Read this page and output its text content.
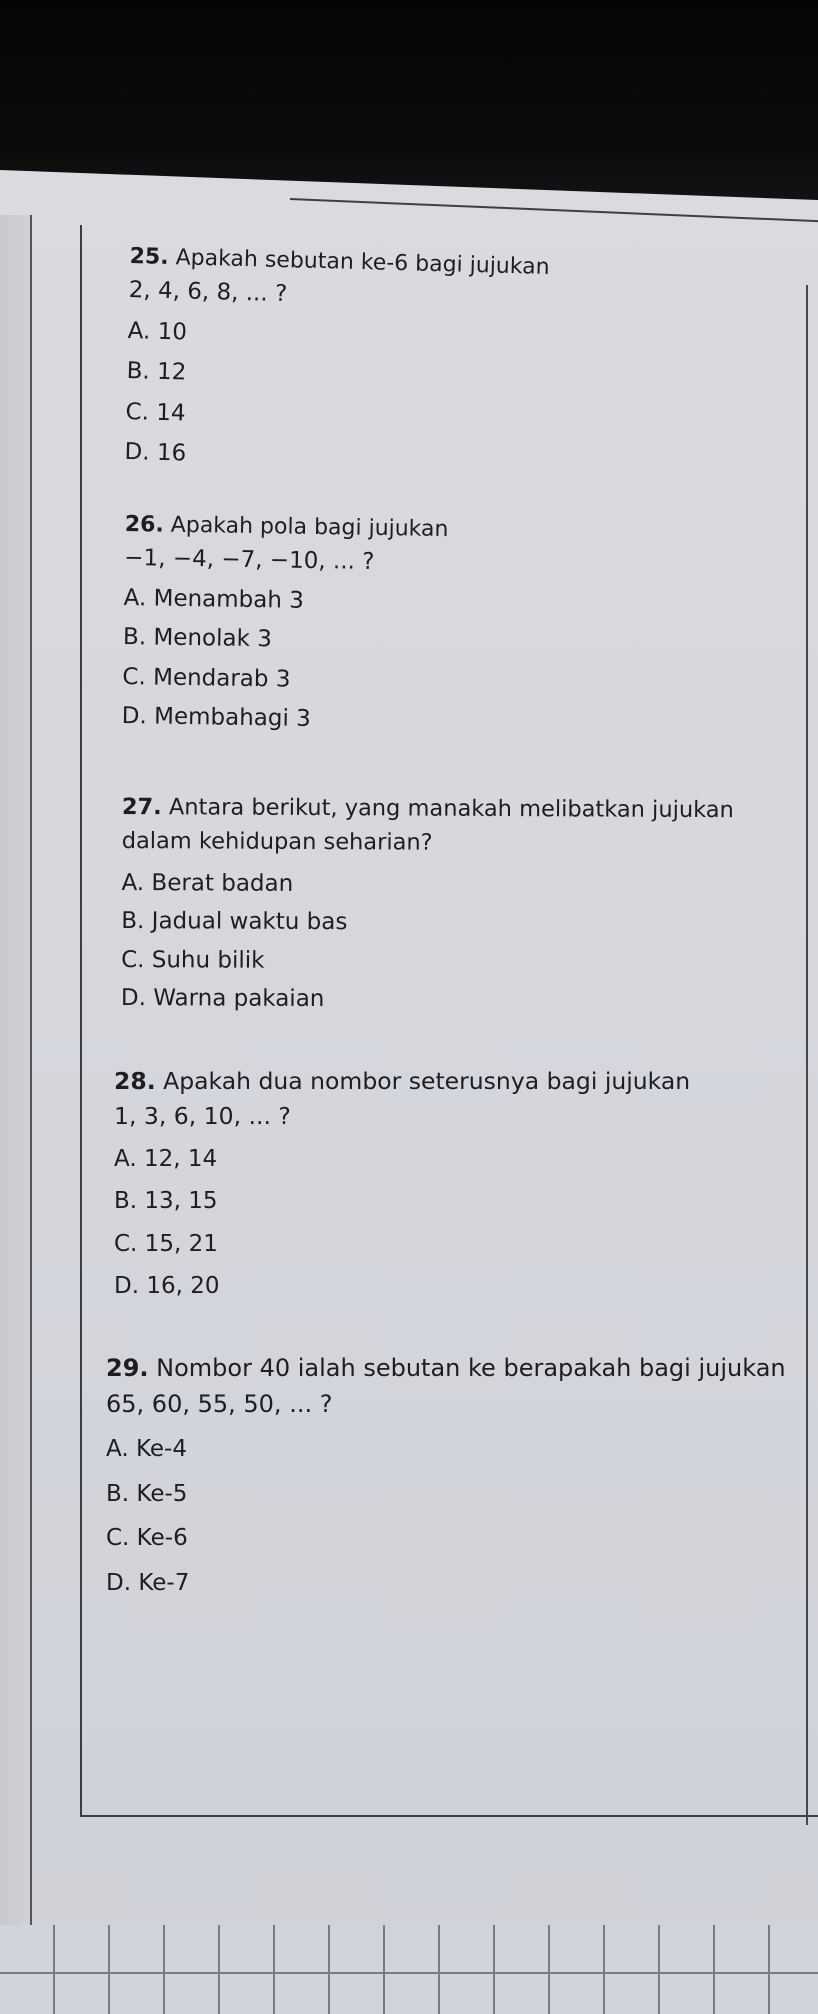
25. Apakah sebutan ke-6 bagi jujukan

2, 4, 6, 8, ... ?

A. 10
B. 12
C. 14
D. 16

26. Apakah pola bagi jujukan

−1, −4, −7, −10, ... ?

A. Menambah 3
B. Menolak 3
C. Mendarab 3
D. Membahagi 3

27. Antara berikut, yang manakah melibatkan jujukan

dalam kehidupan seharian?

A. Berat badan
B. Jadual waktu bas
C. Suhu bilik
D. Warna pakaian

28. Apakah dua nombor seterusnya bagi jujukan

1, 3, 6, 10, ... ?

A. 12, 14
B. 13, 15
C. 15, 21
D. 16, 20

29. Nombor 40 ialah sebutan ke berapakah bagi jujukan

65, 60, 55, 50, ... ?

A. Ke-4
B. Ke-5
C. Ke-6
D. Ke-7
